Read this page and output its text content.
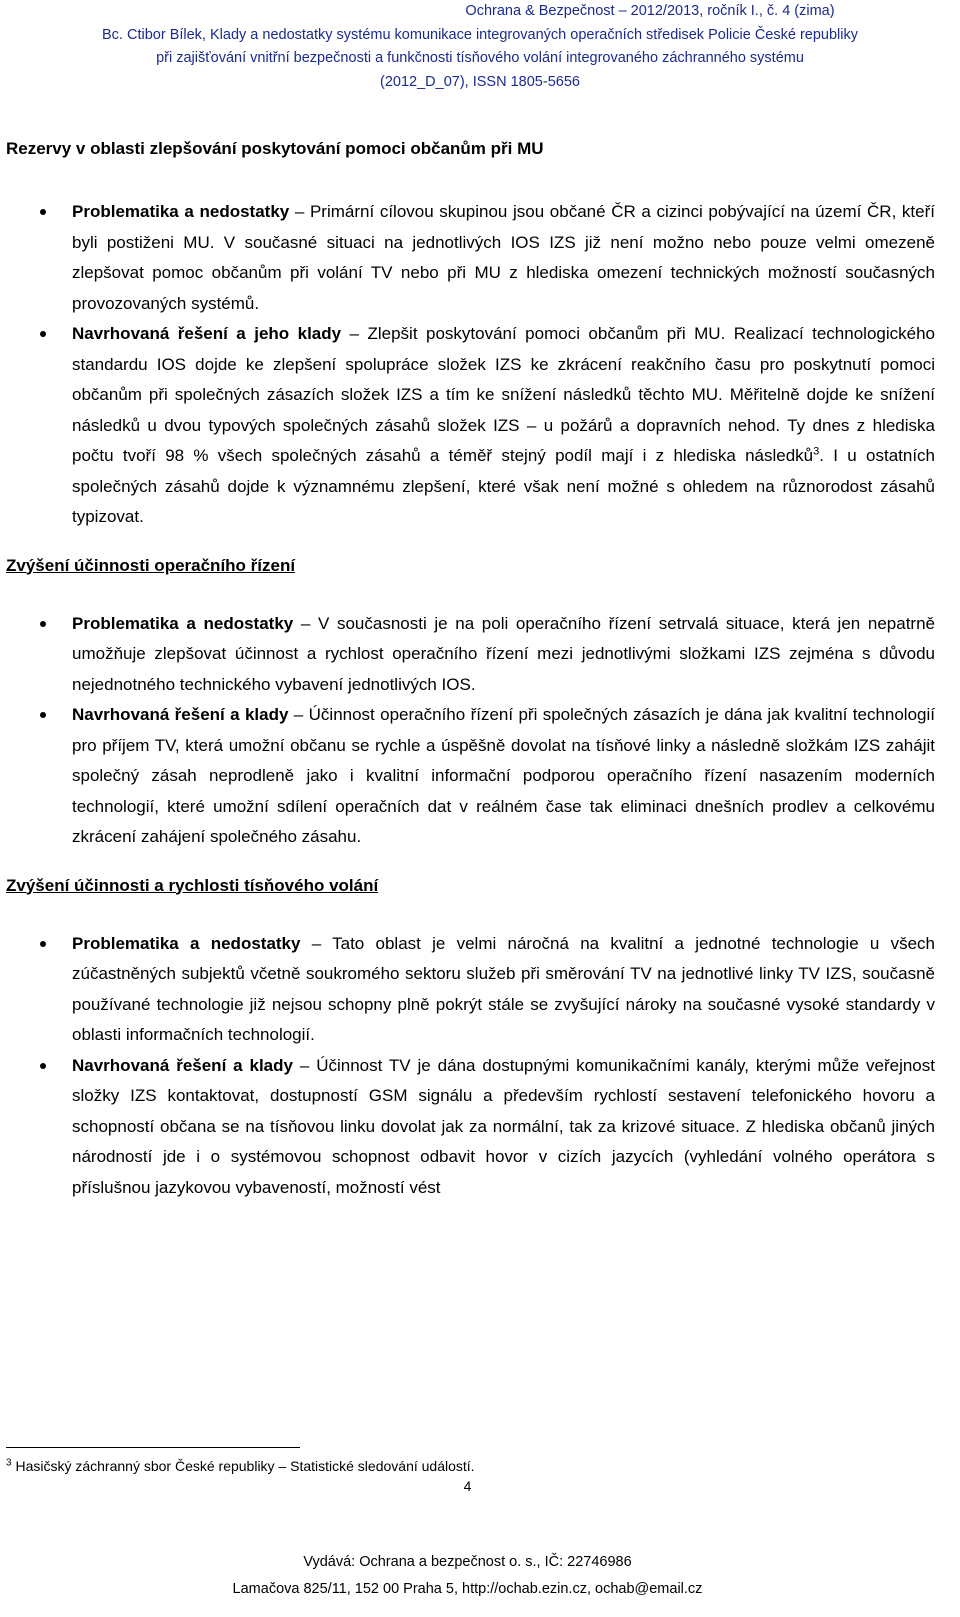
Ochrana & Bezpečnost – 2012/2013, ročník I., č. 4 (zima)
Bc. Ctibor Bílek, Klady a nedostatky systému komunikace integrovaných operačních středisek Policie České republiky
při zajišťování vnitřní bezpečnosti a funkčnosti tísňového volání integrovaného záchranného systému
(2012_D_07), ISSN 1805-5656
Rezervy v oblasti zlepšování poskytování pomoci občanům při MU
Problematika a nedostatky – Primární cílovou skupinou jsou občané ČR a cizinci pobývající na území ČR, kteří byli postiženi MU. V současné situaci na jednotlivých IOS IZS již není možno nebo pouze velmi omezeně zlepšovat pomoc občanům při volání TV nebo při MU z hlediska omezení technických možností současných provozovaných systémů.
Navrhovaná řešení a jeho klady – Zlepšit poskytování pomoci občanům při MU. Realizací technologického standardu IOS dojde ke zlepšení spolupráce složek IZS ke zkrácení reakčního času pro poskytnutí pomoci občanům při společných zásazích složek IZS a tím ke snížení následků těchto MU. Měřitelně dojde ke snížení následků u dvou typových společných zásahů složek IZS – u požárů a dopravních nehod. Ty dnes z hlediska počtu tvoří 98 % všech společných zásahů a téměř stejný podíl mají i z hlediska následků$^3$. I u ostatních společných zásahů dojde k významnému zlepšení, které však není možné s ohledem na různorodost zásahů typizovat.
Zvýšení účinnosti operačního řízení
Problematika a nedostatky – V současnosti je na poli operačního řízení setrvalá situace, která jen nepatrně umožňuje zlepšovat účinnost a rychlost operačního řízení mezi jednotlivými složkami IZS zejména s důvodu nejednotného technického vybavení jednotlivých IOS.
Navrhovaná řešení a klady – Účinnost operačního řízení při společných zásazích je dána jak kvalitní technologií pro příjem TV, která umožní občanu se rychle a úspěšně dovolat na tísňové linky a následně složkám IZS zahájit společný zásah neprodleně jako i kvalitní informační podporou operačního řízení nasazením moderních technologií, které umožní sdílení operačních dat v reálném čase tak eliminaci dnešních prodlev a celkovému zkrácení zahájení společného zásahu.
Zvýšení účinnosti a rychlosti tísňového volání
Problematika a nedostatky – Tato oblast je velmi náročná na kvalitní a jednotné technologie u všech zúčastněných subjektů včetně soukromého sektoru služeb při směrování TV na jednotlivé linky TV IZS, současně používané technologie již nejsou schopny plně pokrýt stále se zvyšující nároky na současné vysoké standardy v oblasti informačních technologií.
Navrhovaná řešení a klady – Účinnost TV je dána dostupnými komunikačními kanály, kterými může veřejnost složky IZS kontaktovat, dostupností GSM signálu a především rychlostí sestavení telefonického hovoru a schopností občana se na tísňovou linku dovolat jak za normální, tak za krizové situace. Z hlediska občanů jiných národností jde i o systémovou schopnost odbavit hovor v cizích jazycích (vyhledání volného operátora s příslušnou jazykovou vybaveností, možností vést
$^3$ Hasičský záchranný sbor České republiky – Statistické sledování událostí.
4
Vydává: Ochrana a bezpečnost o. s., IČ: 22746986
Lamačova 825/11, 152 00 Praha 5, http://ochab.ezin.cz, ochab@email.cz
